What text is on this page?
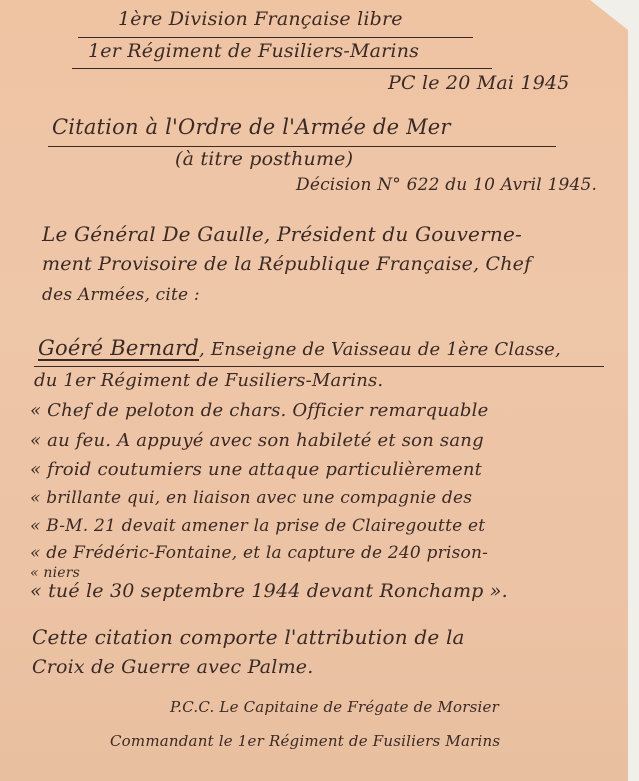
1ère Division Française libre
1er Régiment de Fusiliers-Marins
PC le 20 Mai 1945
Citation à l'Ordre de l'Armée de Mer
(à titre posthume)
Décision N° 622 du 10 Avril 1945.
Le Général De Gaulle, Président du Gouverne-
ment Provisoire de la République Française, Chef
des Armées, cite :
Goéré Bernard, Enseigne de Vaisseau de 1ère Classe,
du 1er Régiment de Fusiliers-Marins.
« Chef de peloton de chars. Officier remarquable
« au feu. A appuyé avec son habileté et son sang
« froid coutumiers une attaque particulièrement
« brillante qui, en liaison avec une compagnie des
« B-M. 21 devait amener la prise de Clairegoutte et
« de Frédéric-Fontaine, et la capture de 240 prison-
« niers
« tué le 30 septembre 1944 devant Ronchamp ».
Cette citation comporte l'attribution de la
Croix de Guerre avec Palme.
P.C.C. Le Capitaine de Frégate de Morsier
Commandant le 1er Régiment de Fusiliers Marins
